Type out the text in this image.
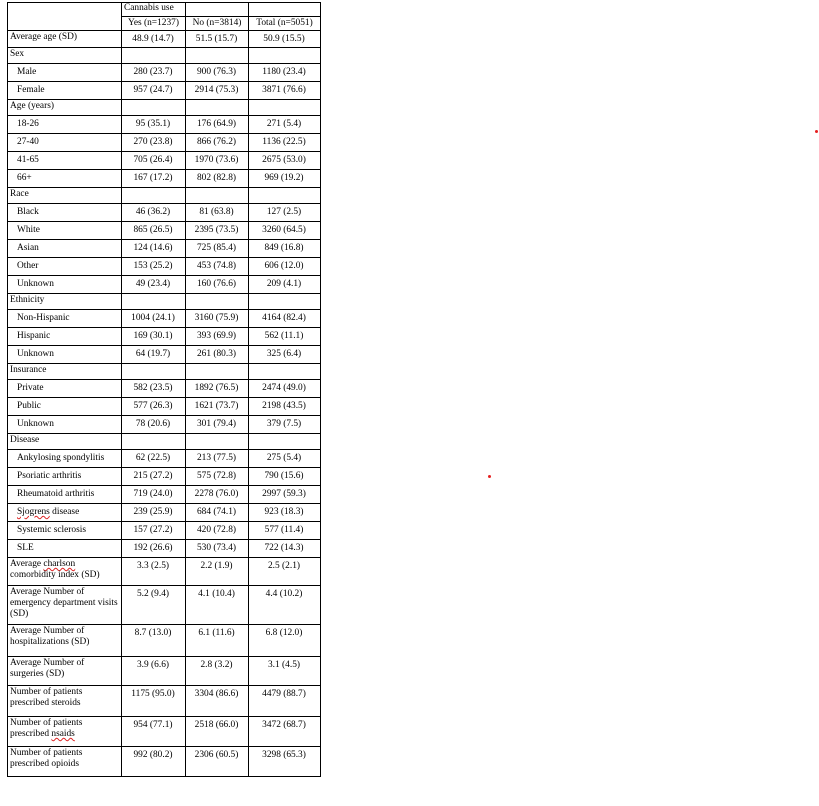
	Cannabis use		
	Yes (n=1237)	No (n=3814)	Total (n=5051)
Average age (SD)	48.9 (14.7)	51.5 (15.7)	50.9 (15.5)
Sex			
Male	280 (23.7)	900 (76.3)	1180 (23.4)
Female	957 (24.7)	2914 (75.3)	3871 (76.6)
Age (years)			
18-26	95 (35.1)	176 (64.9)	271 (5.4)
27-40	270 (23.8)	866 (76.2)	1136 (22.5)
41-65	705 (26.4)	1970 (73.6)	2675 (53.0)
66+	167 (17.2)	802 (82.8)	969 (19.2)
Race			
Black	46 (36.2)	81 (63.8)	127 (2.5)
White	865 (26.5)	2395 (73.5)	3260 (64.5)
Asian	124 (14.6)	725 (85.4)	849 (16.8)
Other	153 (25.2)	453 (74.8)	606 (12.0)
Unknown	49 (23.4)	160 (76.6)	209 (4.1)
Ethnicity			
Non-Hispanic	1004 (24.1)	3160 (75.9)	4164 (82.4)
Hispanic	169 (30.1)	393 (69.9)	562 (11.1)
Unknown	64 (19.7)	261 (80.3)	325 (6.4)
Insurance			
Private	582 (23.5)	1892 (76.5)	2474 (49.0)
Public	577 (26.3)	1621 (73.7)	2198 (43.5)
Unknown	78 (20.6)	301 (79.4)	379 (7.5)
Disease			
Ankylosing spondylitis	62 (22.5)	213 (77.5)	275 (5.4)
Psoriatic arthritis	215 (27.2)	575 (72.8)	790 (15.6)
Rheumatoid arthritis	719 (24.0)	2278 (76.0)	2997 (59.3)
Sjogrens disease	239 (25.9)	684 (74.1)	923 (18.3)
Systemic sclerosis	157 (27.2)	420 (72.8)	577 (11.4)
SLE	192 (26.6)	530 (73.4)	722 (14.3)
Average charlson comorbidity index (SD)	3.3 (2.5)	2.2 (1.9)	2.5 (2.1)
Average Number of emergency department visits (SD)	5.2 (9.4)	4.1 (10.4)	4.4 (10.2)
Average Number of hospitalizations (SD)	8.7 (13.0)	6.1 (11.6)	6.8 (12.0)
Average Number of surgeries (SD)	3.9 (6.6)	2.8 (3.2)	3.1 (4.5)
Number of patients prescribed steroids	1175 (95.0)	3304 (86.6)	4479 (88.7)
Number of patients prescribed nsaids	954 (77.1)	2518 (66.0)	3472 (68.7)
Number of patients prescribed opioids	992 (80.2)	2306 (60.5)	3298 (65.3)
